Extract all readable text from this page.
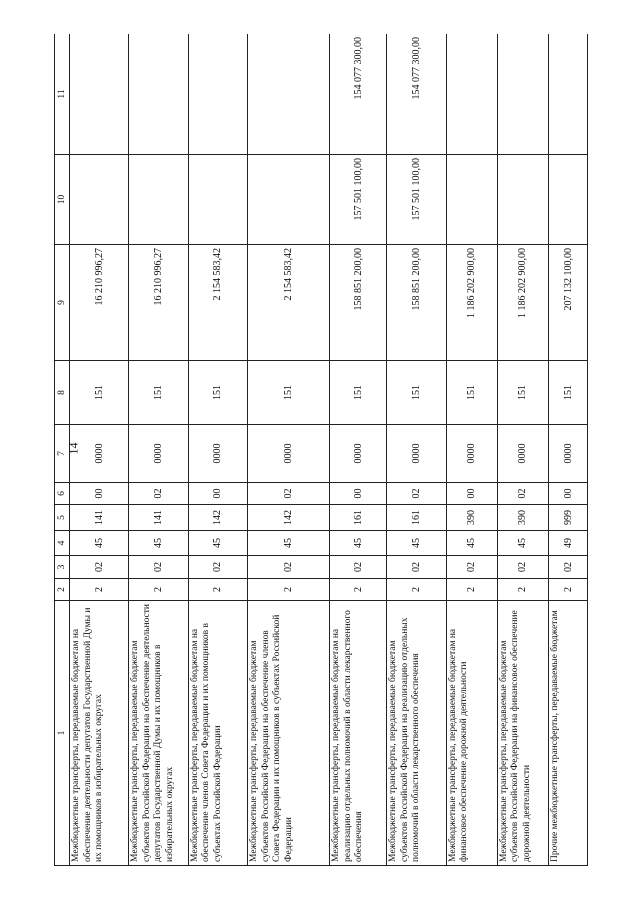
14
1	2	3	4	5	6	7	8	9	10	11
Межбюджетные трансферты, передаваемые бюджетам на обеспечение деятельности депутатов Государственной Думы и их помощников в избирательных округах	2	02	45	141	00	0000	151	16 210 996,27		
Межбюджетные трансферты, передаваемые бюджетам субъектов Российской Федерации на обеспечение деятельности депутатов Государственной Думы и их помощников в избирательных округах	2	02	45	141	02	0000	151	16 210 996,27		
Межбюджетные трансферты, передаваемые бюджетам на обеспечение членов Совета Федерации и их помощников в субъектах Российской Федерации	2	02	45	142	00	0000	151	2 154 583,42		
Межбюджетные трансферты, передаваемые бюджетам субъектов Российской Федерации на обеспечение членов Совета Федерации и их помощников в субъектах Российской Федерации	2	02	45	142	02	0000	151	2 154 583,42		
Межбюджетные трансферты, передаваемые бюджетам на реализацию отдельных полномочий в области лекарственного обеспечения	2	02	45	161	00	0000	151	158 851 200,00	157 501 100,00	154 077 300,00
Межбюджетные трансферты, передаваемые бюджетам субъектов Российской Федерации на реализацию отдельных полномочий в области лекарственного обеспечения	2	02	45	161	02	0000	151	158 851 200,00	157 501 100,00	154 077 300,00
Межбюджетные трансферты, передаваемые бюджетам на финансовое обеспечение дорожной деятельности	2	02	45	390	00	0000	151	1 186 202 900,00		
Межбюджетные трансферты, передаваемые бюджетам субъектов Российской Федерации на финансовое обеспечение дорожной деятельности	2	02	45	390	02	0000	151	1 186 202 900,00		
Прочие межбюджетные трансферты, передаваемые бюджетам	2	02	49	999	00	0000	151	207 132 100,00		
